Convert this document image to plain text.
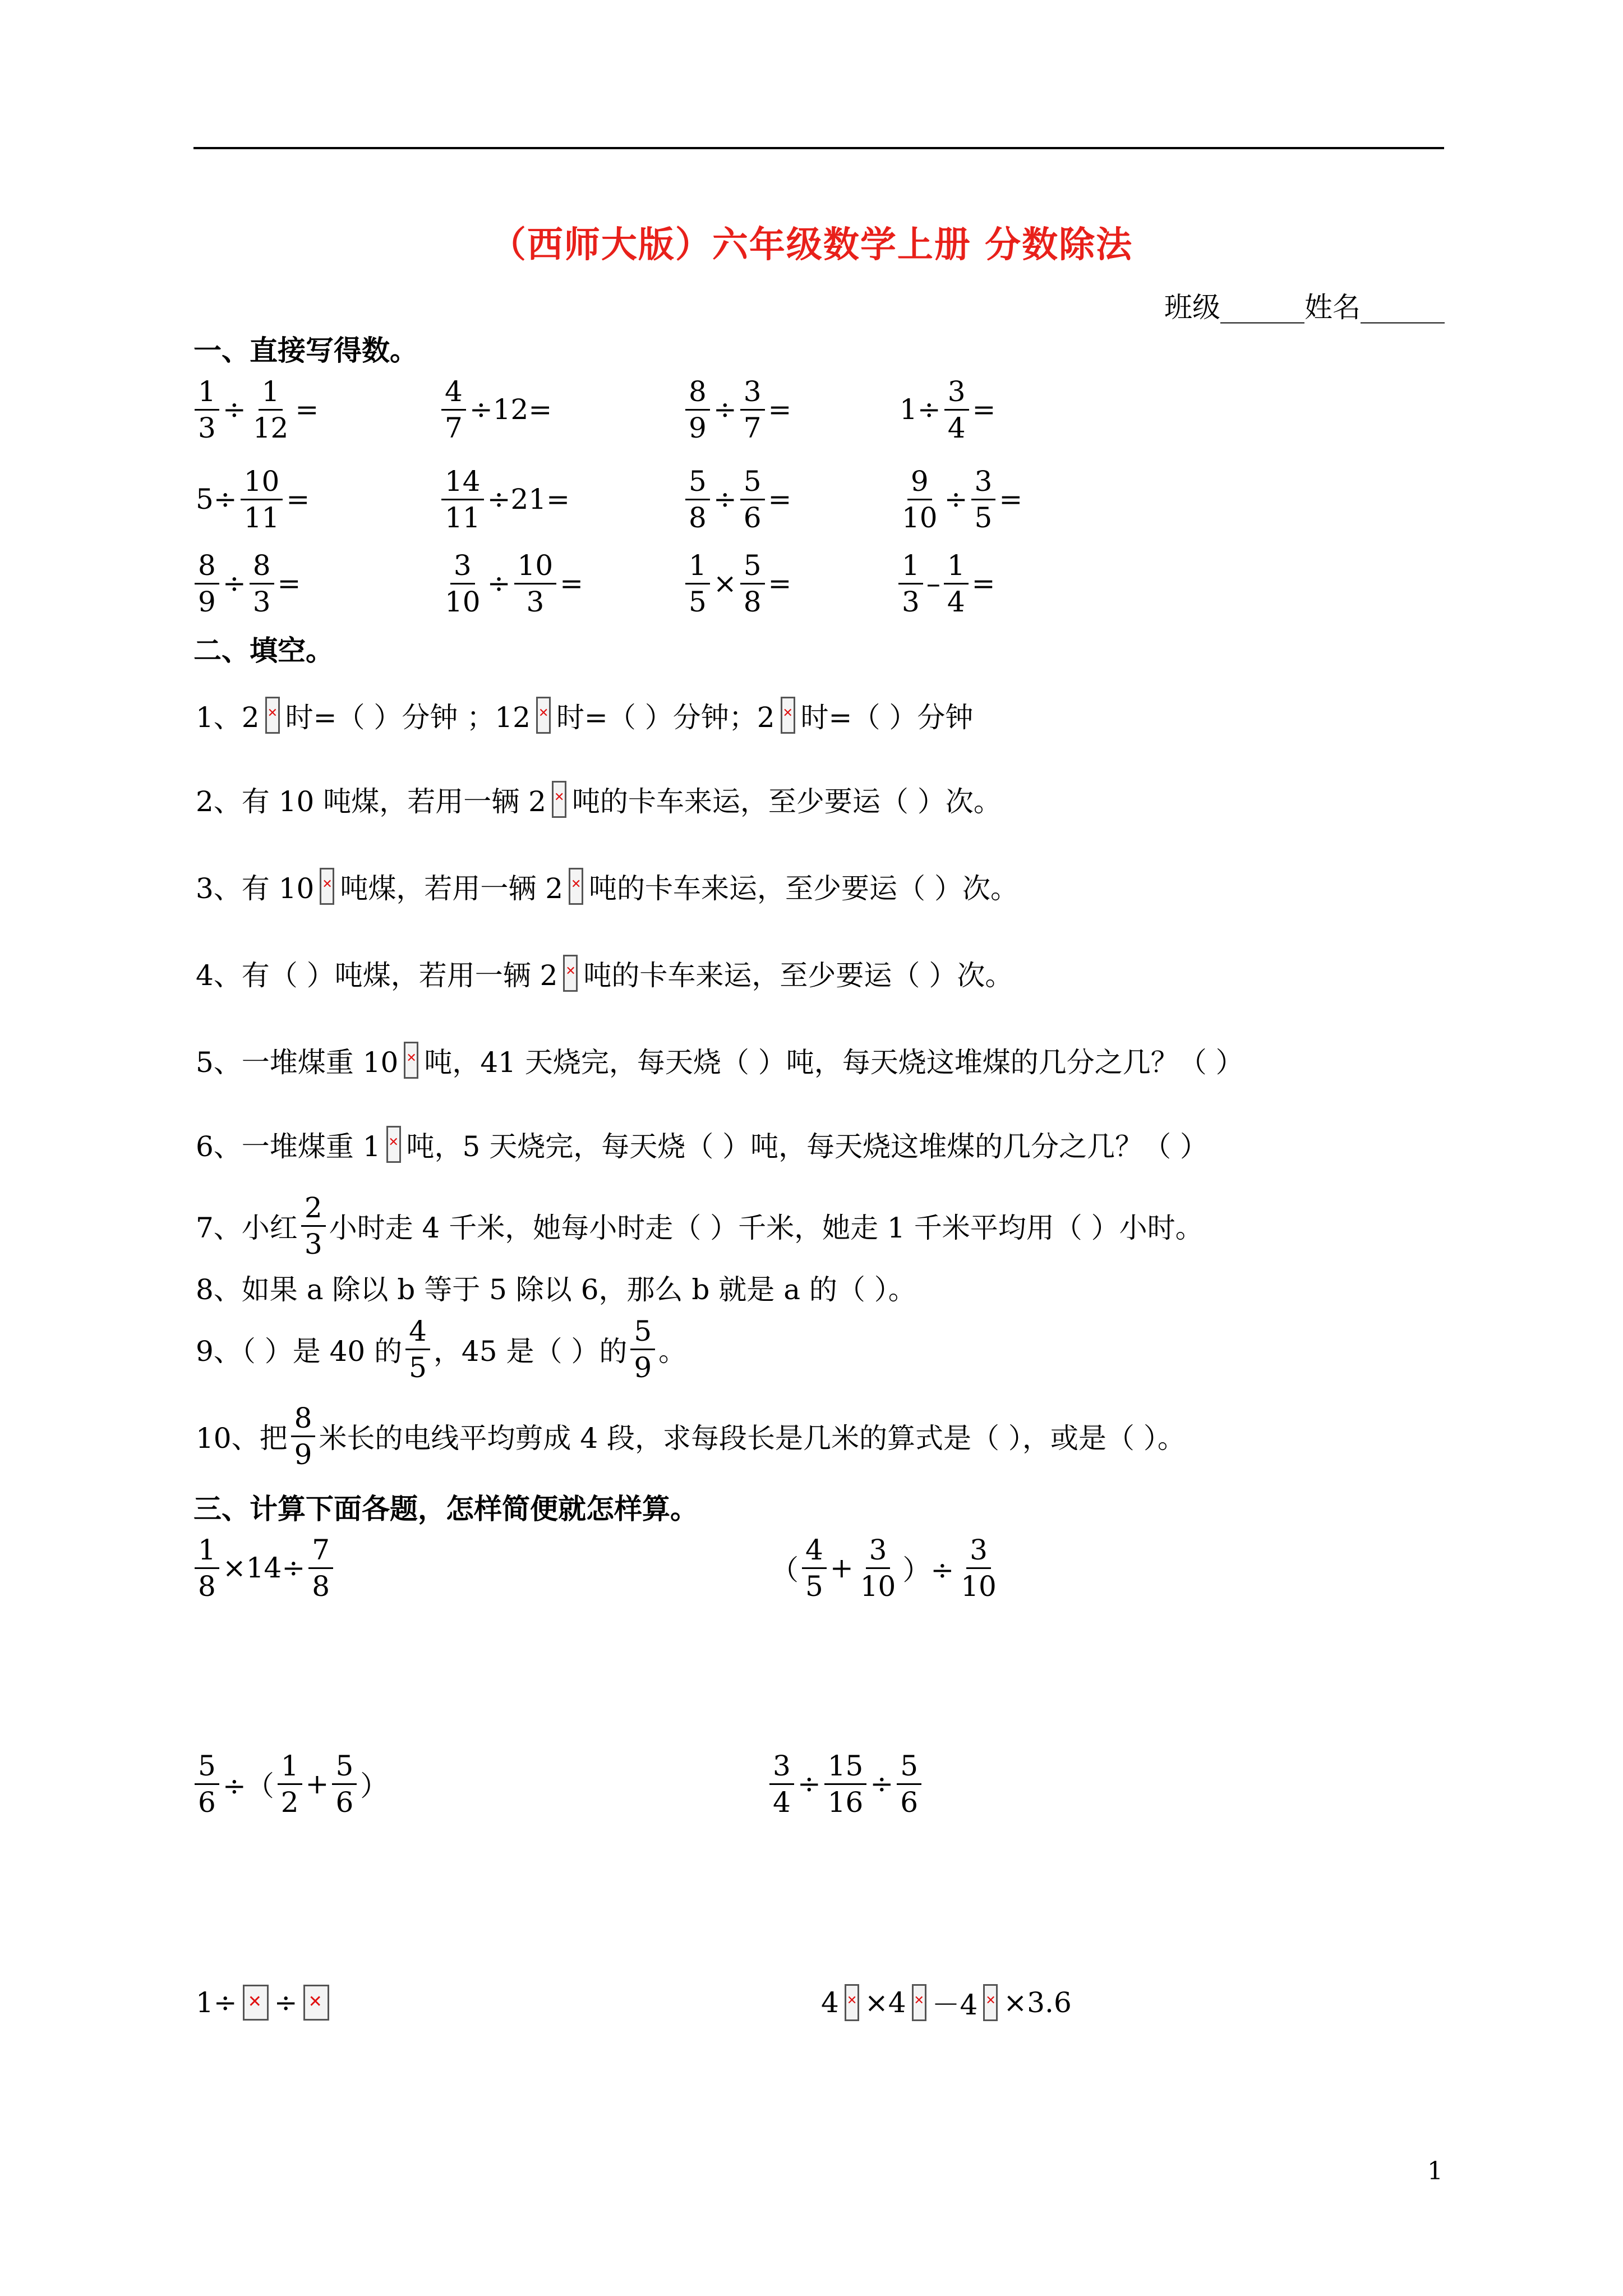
（西师大版）六年级数学上册 分数除法
班级______姓名______
一、直接写得数。
$\frac{1}{3} \div \frac{1}{12}$ =	$\frac{4}{7} \div 12=$	$\frac{8}{9} \div \frac{3}{7}$ =	$1\div \frac{3}{4}$ =
$5\div \frac{10}{11}$ =	$\frac{14}{11} \div 21=$	$\frac{5}{8} \div \frac{5}{6}$ =	$\frac{9}{10} \div \frac{3}{5}$ =
$\frac{8}{9} \div \frac{8}{3}$ =	$\frac{3}{10} \div \frac{10}{3}$ =	$\frac{1}{5} \times \frac{5}{8}$ =	$\frac{1}{3} - \frac{1}{4}$ =
二、填空。
1、2 ✕ 时=（ ）分钟 ；12 ✕ 时=（ ）分钟；2 ✕ 时=（ ）分钟
2、有 10 吨煤，若用一辆 2 ✕ 吨的卡车来运，至少要运（ ）次。
3、有 10 ✕ 吨煤，若用一辆 2 ✕ 吨的卡车来运，至少要运（ ）次。
4、有（ ）吨煤，若用一辆 2 ✕ 吨的卡车来运，至少要运（ ）次。
5、一堆煤重 10 ✕ 吨，41 天烧完，每天烧（ ）吨，每天烧这堆煤的几分之几？（ ）
6、一堆煤重 1 ✕ 吨，5 天烧完，每天烧（ ）吨，每天烧这堆煤的几分之几？（ ）
7、小红 $\frac{2}{3}$ 小时走 4 千米，她每小时走（ ）千米，她走 1 千米平均用（ ）小时。
8、如果 a 除以 b 等于 5 除以 6，那么 b 就是 a 的（ ）。
9、（ ）是 40 的 $\frac{4}{5}$ ，45 是（ ）的 $\frac{5}{9}$ 。
10、把 $\frac{8}{9}$ 米长的电线平均剪成 4 段，求每段长是几米的算式是（ ），或是（ ）。
三、计算下面各题，怎样简便就怎样算。
$\frac{1}{8} \times 14\div \frac{7}{8}$	（ $\frac{4}{5} + \frac{3}{10}$ ）÷ $\frac{3}{10}$
$\frac{5}{6}$ ÷（ $\frac{1}{2} + \frac{5}{6}$ ）	$\frac{3}{4} \div \frac{15}{16} \div \frac{5}{6}$
1÷ ✕ ÷ ✕	4 ✕ ×4 ✕ －4 ✕ ×3.6
1
